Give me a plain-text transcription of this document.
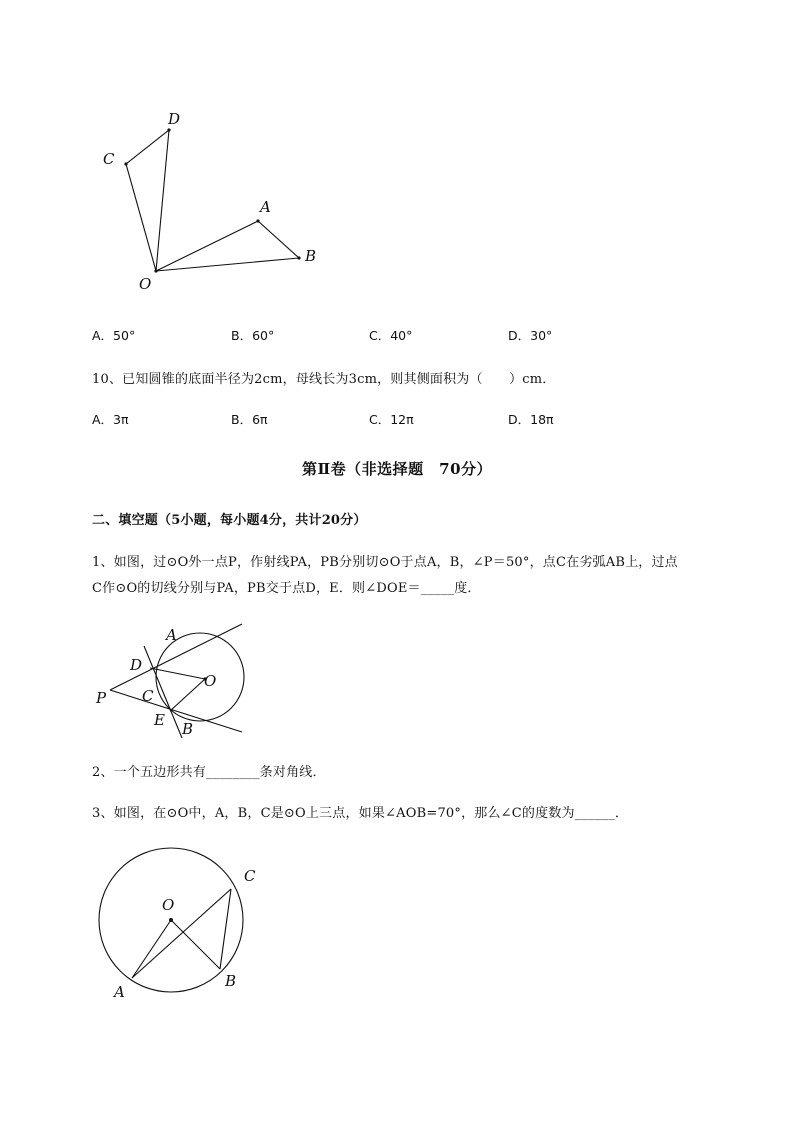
D
C
A
B
O
A．50°	B．60°	C．40°	D．30°
10、已知圆锥的底面半径为2cm，母线长为3cm，则其侧面积为（　　）cm．
A．3π	B．6π	C．12π	D．18π
第Ⅱ卷（非选择题　70分）
二、填空题（5小题，每小题4分，共计20分）
1、如图，过⊙O外一点P，作射线PA，PB分别切⊙O于点A，B，∠P＝50°，点C在劣弧AB上，过点
C作⊙O的切线分别与PA，PB交于点D，E．则∠DOE＝_____度．
A
D
O
P C
E B
2、一个五边形共有________条对角线．
3、如图，在⊙O中，A，B，C是⊙O上三点，如果∠AOB=70°，那么∠C的度数为______．
O
C
A
B
